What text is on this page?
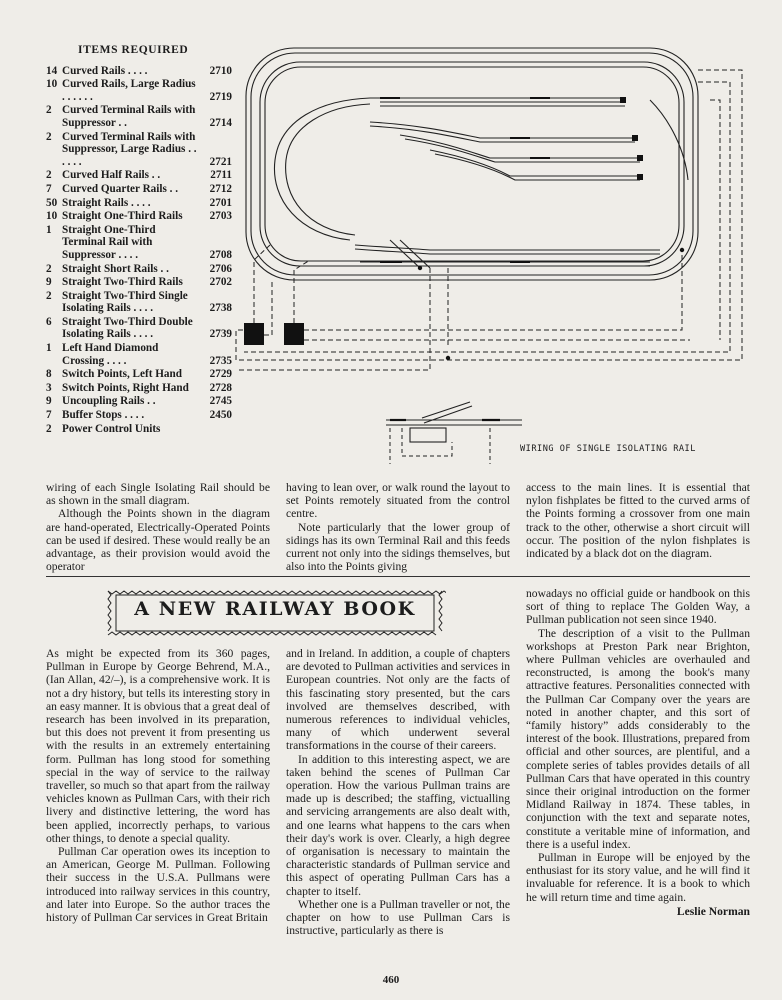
ITEMS REQUIRED
14 Curved Rails . . . .	2710
10 Curved Rails, Large Radius . . . . . .	2719
2 Curved Terminal Rails with Suppressor . .	2714
2 Curved Terminal Rails with Suppressor, Large Radius . . . . . .	2721
2 Curved Half Rails . .	2711
7 Curved Quarter Rails . .	2712
50 Straight Rails . . . .	2701
10 Straight One-Third Rails	2703
1 Straight One-Third Terminal Rail with Suppressor . . . .	2708
2 Straight Short Rails . .	2706
9 Straight Two-Third Rails	2702
2 Straight Two-Third Single Isolating Rails . . . .	2738
6 Straight Two-Third Double Isolating Rails . . . .	2739
1 Left Hand Diamond Crossing . . . .	2735
8 Switch Points, Left Hand	2729
3 Switch Points, Right Hand	2728
9 Uncoupling Rails . .	2745
7 Buffer Stops . . . .	2450
2 Power Control Units
WIRING OF SINGLE ISOLATING RAIL

wiring of each Single Isolating Rail should be as shown in the small diagram.

Although the Points shown in the diagram are hand-operated, Electrically-Operated Points can be used if desired. These would really be an advantage, as their provision would avoid the operator

having to lean over, or walk round the layout to set Points remotely situated from the control centre.

Note particularly that the lower group of sidings has its own Terminal Rail and this feeds current not only into the sidings themselves, but also into the Points giving

access to the main lines. It is essential that nylon fishplates be fitted to the curved arms of the Points forming a crossover from one main track to the other, otherwise a short circuit will occur. The position of the nylon fishplates is indicated by a black dot on the diagram.

A NEW RAILWAY BOOK

As might be expected from its 360 pages, Pullman in Europe by George Behrend, M.A., (Ian Allan, 42/–), is a comprehensive work. It is not a dry history, but tells its interesting story in an easy manner. It is obvious that a great deal of research has been involved in its preparation, but this does not prevent it from presenting us with the results in an extremely entertaining form. Pullman has long stood for something special in the way of service to the railway traveller, so much so that apart from the railway vehicles known as Pullman Cars, with their rich livery and distinctive lettering, the word has been applied, incorrectly perhaps, to various other things, to denote a special quality.

Pullman Car operation owes its inception to an American, George M. Pullman. Following their success in the U.S.A. Pullmans were introduced into railway services in this country, and later into Europe. So the author traces the history of Pullman Car services in Great Britain

and in Ireland. In addition, a couple of chapters are devoted to Pullman activities and services in European countries. Not only are the facts of this fascinating story presented, but the cars involved are themselves described, with numerous references to individual vehicles, many of which underwent several transformations in the course of their careers.

In addition to this interesting aspect, we are taken behind the scenes of Pullman Car operation. How the various Pullman trains are made up is described; the staffing, victualling and servicing arrangements are also dealt with, and one learns what happens to the cars when their day's work is over. Clearly, a high degree of organisation is necessary to maintain the characteristic standards of Pullman service and this aspect of operating Pullman Cars has a chapter to itself.

Whether one is a Pullman traveller or not, the chapter on how to use Pullman Cars is instructive, particularly as there is

nowadays no official guide or handbook on this sort of thing to replace The Golden Way, a Pullman publication not seen since 1940.

The description of a visit to the Pullman workshops at Preston Park near Brighton, where Pullman vehicles are overhauled and reconstructed, is among the book's many attractive features. Personalities connected with the Pullman Car Company over the years are noted in another chapter, and this sort of “family history” adds considerably to the interest of the book. Illustrations, prepared from official and other sources, are plentiful, and a complete series of tables provides details of all Pullman Cars that have operated in this country since their original introduction on the former Midland Railway in 1874. These tables, in conjunction with the text and separate notes, constitute a veritable mine of information, and there is a useful index.

Pullman in Europe will be enjoyed by the enthusiast for its story value, and he will find it invaluable for reference. It is a book to which he will return time and time again.

Leslie Norman
460
